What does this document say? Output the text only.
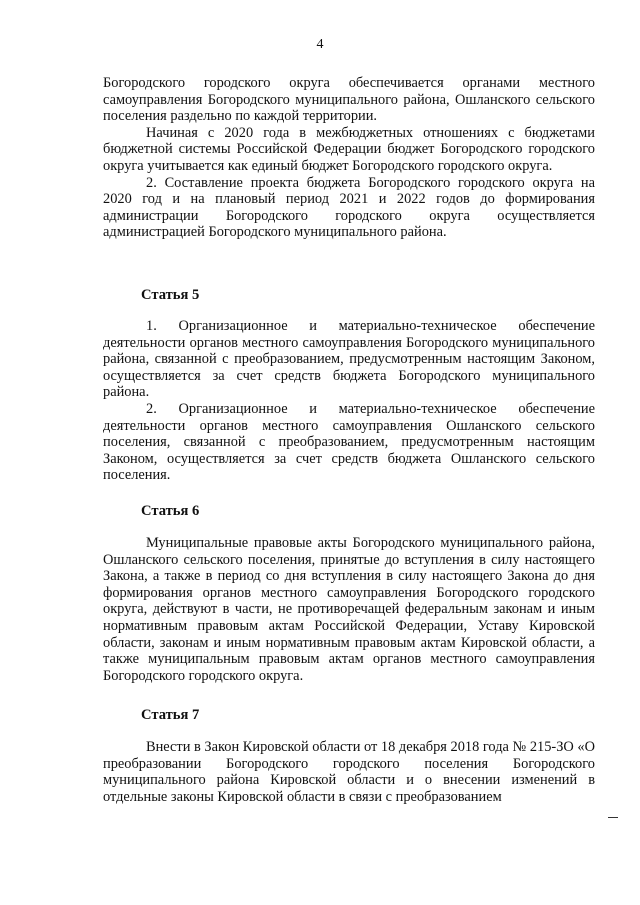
4

Богородского городского округа обеспечивается органами местного самоуправления Богородского муниципального района, Ошланского сельского поселения раздельно по каждой территории.

Начиная с 2020 года в межбюджетных отношениях с бюджетами бюджетной системы Российской Федерации бюджет Богородского городского округа учитывается как единый бюджет Богородского городского округа.

2. Составление проекта бюджета Богородского городского округа на 2020 год и на плановый период 2021 и 2022 годов до формирования администрации Богородского городского округа осуществляется администрацией Богородского муниципального района.

Статья 5

1. Организационное и материально-техническое обеспечение деятельности органов местного самоуправления Богородского муниципального района, связанной с преобразованием, предусмотренным настоящим Законом, осуществляется за счет средств бюджета Богородского муниципального района.

2. Организационное и материально-техническое обеспечение деятельности органов местного самоуправления Ошланского сельского поселения, связанной с преобразованием, предусмотренным настоящим Законом, осуществляется за счет средств бюджета Ошланского сельского поселения.

Статья 6

Муниципальные правовые акты Богородского муниципального района, Ошланского сельского поселения, принятые до вступления в силу настоящего Закона, а также в период со дня вступления в силу настоящего Закона до дня формирования органов местного самоуправления Богородского городского округа, действуют в части, не противоречащей федеральным законам и иным нормативным правовым актам Российской Федерации, Уставу Кировской области, законам и иным нормативным правовым актам Кировской области, а также муниципальным правовым актам органов местного самоуправления Богородского городского округа.

Статья 7

Внести в Закон Кировской области от 18 декабря 2018 года № 215-ЗО «О преобразовании Богородского городского поселения Богородского муниципального района Кировской области и о внесении изменений в отдельные законы Кировской области в связи с преобразованием
